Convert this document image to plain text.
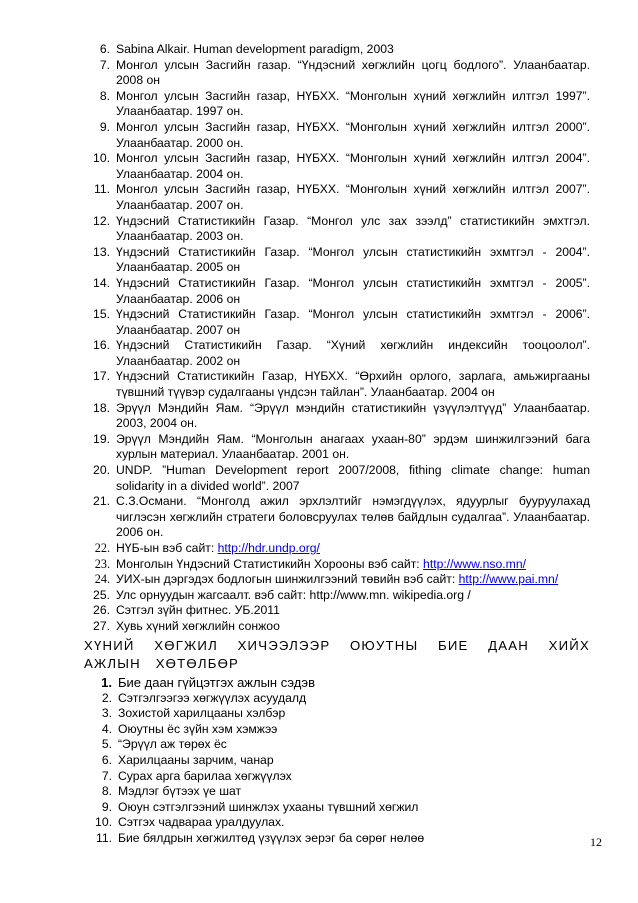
6. Sabina Alkair. Human development paradigm, 2003
7. Монгол улсын Засгийн газар. “Үндэсний хөгжлийн цогц бодлого”. Улаанбаатар. 2008 он
8. Монгол улсын Засгийн газар, НҮБХХ. “Монголын хүний хөгжлийн илтгэл 1997”. Улаанбаатар. 1997 он.
9. Монгол улсын Засгийн газар, НҮБХХ. “Монголын хүний хөгжлийн илтгэл 2000”. Улаанбаатар. 2000 он.
10. Монгол улсын Засгийн газар, НҮБХХ. “Монголын хүний хөгжлийн илтгэл 2004”. Улаанбаатар. 2004 он.
11. Монгол улсын Засгийн газар, НҮБХХ. “Монголын хүний хөгжлийн илтгэл 2007”. Улаанбаатар. 2007 он.
12. Үндэсний Статистикийн Газар. “Монгол улс зах зээлд” статистикийн эмхтгэл. Улаанбаатар. 2003 он.
13. Үндэсний Статистикийн Газар. “Монгол улсын статистикийн эхмтгэл - 2004”. Улаанбаатар. 2005 он
14. Үндэсний Статистикийн Газар. “Монгол улсын статистикийн эхмтгэл - 2005”. Улаанбаатар. 2006 он
15. Үндэсний Статистикийн Газар. “Монгол улсын статистикийн эхмтгэл - 2006”. Улаанбаатар. 2007 он
16. Үндэсний Статистикийн Газар. “Хүний хөгжлийн индексийн тооцоолол”. Улаанбаатар. 2002 он
17. Үндэсний Статистикийн Газар, НҮБХХ. “Өрхийн орлого, зарлага, амьжиргааны түвшний түүвэр судалгааны үндсэн тайлан”. Улаанбаатар. 2004 он
18. Эрүүл Мэндийн Яам. “Эрүүл мэндийн статистикийн үзүүлэлтүүд” Улаанбаатар. 2003, 2004 он.
19. Эрүүл Мэндийн Яам. “Монголын анагаах ухаан-80” эрдэм шинжилгээний бага хурлын материал. Улаанбаатар. 2001 он.
20. UNDP. ”Human Development report 2007/2008, fithing climate change: human solidarity in a divided world”. 2007
21. С.З.Османи. “Монголд ажил эрхлэлтийг нэмэгдүүлэх, ядуурлыг бууруулахад чиглэсэн хөгжлийн стратеги боловсруулах төлөв байдлын судалгаа”. Улаанбаатар. 2006 он.
22. НҮБ-ын вэб сайт: http://hdr.undp.org/
23. Монголын Үндэсний Статистикийн Хорооны вэб сайт: http://www.nso.mn/
24. УИХ-ын дэргэдэх бодлогын шинжилгээний төвийн вэб сайт: http://www.pai.mn/
25. Улс орнуудын жагсаалт. вэб сайт: http://www.mn. wikipedia.org /
26. Сэтгэл зүйн фитнес. УБ.2011
27. Хувь хүний хөгжлийн сонжоо
ХҮНИЙ ХӨГЖИЛ ХИЧЭЭЛЭЭР ОЮУТНЫ БИЕ ДААН ХИЙХ АЖЛЫН ХӨТӨЛБӨР
1. Бие даан гүйцэтгэх ажлын сэдэв
2. Сэтгэлгээгээ хөгжүүлэх асуудалд
3. Зохистой харилцааны хэлбэр
4. Оюутны ёс зүйн хэм хэмжээ
5. “Эрүүл аж төрөх ёс
6. Харилцааны зарчим, чанар
7. Сурах арга барилаа хөгжүүлэх
8. Мэдлэг бүтээх үе шат
9. Оюун сэтгэлгээний шинжлэх ухааны түвшний хөгжил
10. Сэтгэх чадвараа уралдуулах.
11. Бие бялдрын хөгжилтөд үзүүлэх эерэг ба сөрөг нөлөө	12
